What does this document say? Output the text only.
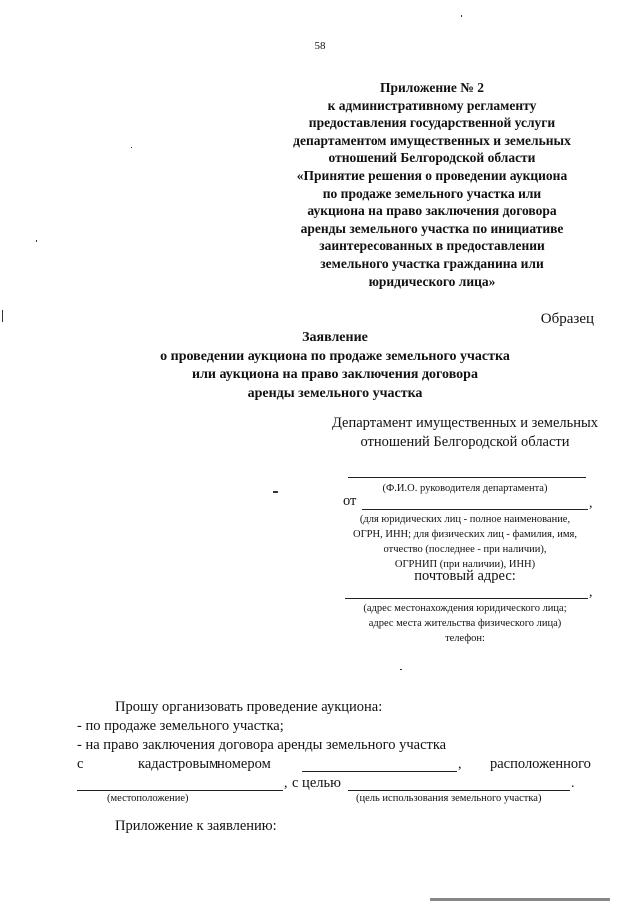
58
Приложение № 2
к административному регламенту
предоставления государственной услуги
департаментом имущественных и земельных
отношений Белгородской области
«Принятие решения о проведении аукциона
по продаже земельного участка или
аукциона на право заключения договора
аренды земельного участка по инициативе
заинтересованных в предоставлении
земельного участка гражданина или
юридического лица»
Образец
Заявление
о проведении аукциона по продаже земельного участка
или аукциона на право заключения договора
аренды земельного участка
Департамент имущественных и земельных отношений Белгородской области
(Ф.И.О. руководителя департамента)
от	,
(для юридических лиц - полное наименование,
ОГРН, ИНН; для физических лиц - фамилия, имя,
отчество (последнее - при наличии),
ОГРНИП (при наличии), ИНН)
почтовый адрес:
,
(адрес местонахождения юридического лица;
адрес места жительства физического лица)
телефон:
Прошу организовать проведение аукциона:
- по продаже земельного участка;
- на право заключения договора аренды земельного участка
с	кадастровым
номером	, расположенного
, с целью	.
(местоположение)	(цель использования земельного участка)
Приложение к заявлению:
